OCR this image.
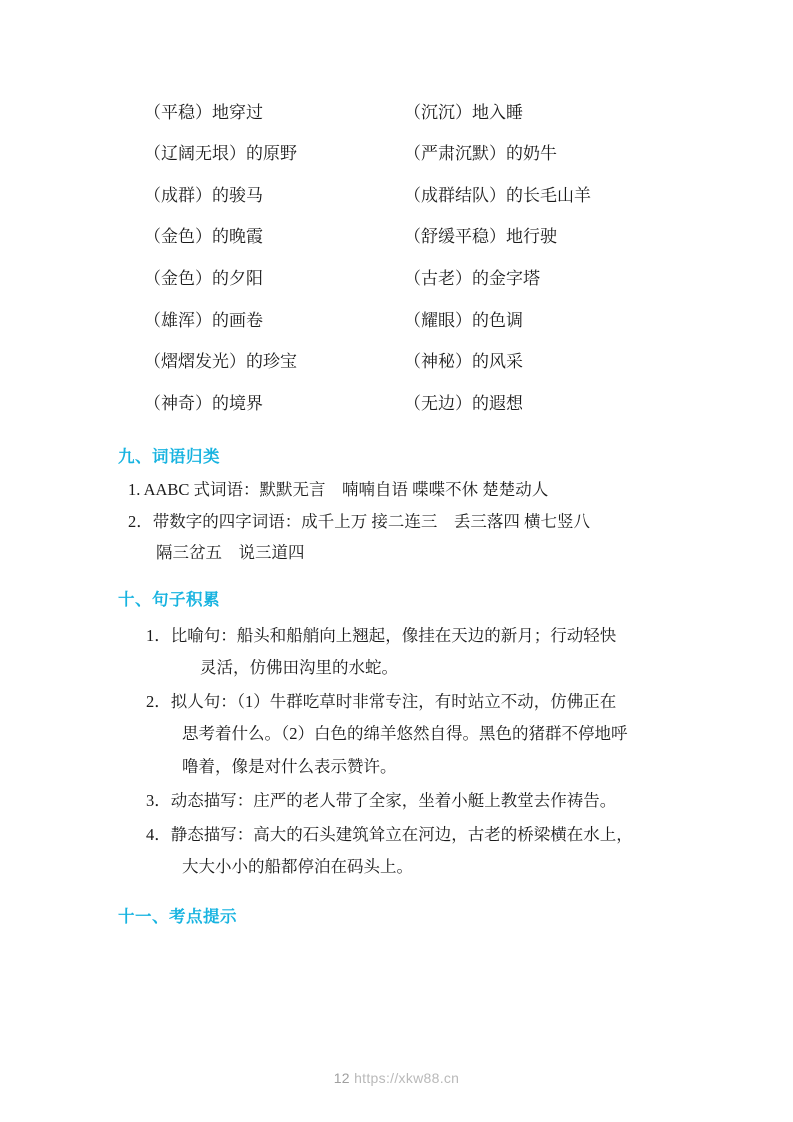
（平稳）地穿过	（沉沉）地入睡
（辽阔无垠）的原野	（严肃沉默）的奶牛
（成群）的骏马	（成群结队）的长毛山羊
（金色）的晚霞	（舒缓平稳）地行驶
（金色）的夕阳	（古老）的金字塔
（雄浑）的画卷	（耀眼）的色调
（熠熠发光）的珍宝	（神秘）的风采
（神奇）的境界	（无边）的遐想
九、词语归类
1. AABC 式词语：默默无言　喃喃自语 喋喋不休 楚楚动人
2．带数字的四字词语：成千上万 接二连三　丢三落四 横七竖八
隔三岔五　说三道四
十、句子积累
1．比喻句：船头和船艄向上翘起，像挂在天边的新月；行动轻快
灵活，仿佛田沟里的水蛇。
2．拟人句：（1）牛群吃草时非常专注，有时站立不动，仿佛正在
思考着什么。（2）白色的绵羊悠然自得。黑色的猪群不停地呼
噜着，像是对什么表示赞许。
3．动态描写：庄严的老人带了全家，坐着小艇上教堂去作祷告。
4．静态描写：高大的石头建筑耸立在河边，古老的桥梁横在水上，
大大小小的船都停泊在码头上。
十一、考点提示
12 https://xkw88.cn
